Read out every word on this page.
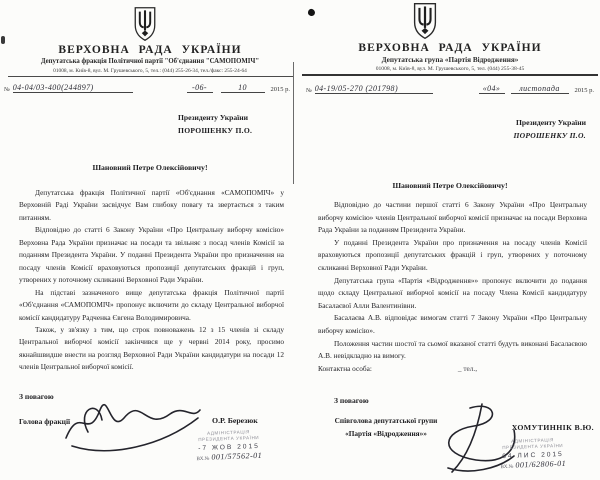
ВЕРХОВНА РАДА УКРАЇНИ
Депутатська фракція Політичної партії "Об'єднання "САМОПОМІЧ"
01008, м. Київ-8, вул. М. Грушевського, 5, тел.: (044) 255-26-34, тел./факс: 255-24-64
№ 04-04/03-400(244897)	-06-	10	2015 р.
Президенту України
ПОРОШЕНКУ П.О.
Шановний Петре Олексійовичу!

Депутатська фракція Політичної партії «Об'єднання «САМОПОМІЧ» у Верховній Раді України засвідчує Вам глибоку повагу та звертається з таким питанням.

Відповідно до статті 6 Закону України «Про Центральну виборчу комісію» Верховна Рада України призначає на посади та звільняє з посад членів Комісії за поданням Президента України. У поданні Президента України про призначення на посаду членів Комісії враховуються пропозиції депутатських фракцій і груп, утворених у поточному скликанні Верховної Ради України.

На підставі зазначеного вище депутатська фракція Політичної партії «Об'єднання «САМОПОМІЧ» пропонує включити до складу Центральної виборчої комісії кандидатуру Радченка Євгена Володимировича.

Також, у зв'язку з тим, що строк повноважень 12 з 15 членів зі складу Центральної виборчої комісії закінчився ще у червні 2014 року, просимо якнайшвидше внести на розгляд Верховної Ради України кандидатури на посади 12 членів Центральної виборчої комісії.

З повагою
Голова фракції	О.Р. Березюк
АДМІНІСТРАЦІЯ
ПРЕЗИДЕНТА УКРАЇНИ
-7 ЖОВ 2015
ВХ.№ 001/57562-01
ВЕРХОВНА РАДА УКРАЇНИ
Депутатська група «Партія Відродження»
01008, м. Київ-8, вул. М. Грушевського, 5, тел. (044) 255-38-45
№ 04-19/05-270 (201798)	«04»	листопада	2015 р.
Президенту України
ПОРОШЕНКУ П.О.
Шановний Петре Олексійовичу!

Відповідно до частини першої статті 6 Закону України «Про Центральну виборчу комісію» членів Центральної виборчої комісії призначає на посади Верховна Рада України за поданням Президента України.

У поданні Президента України про призначення на посаду членів Комісії враховуються пропозиції депутатських фракцій і груп, утворених у поточному скликанні Верховної Ради України.

Депутатська група «Партія «Відродження»» пропонує включити до подання щодо складу Центральної виборчої комісії на посаду Члена Комісії кандидатуру Басалаєвої Алли Валентинівни.

Басалаєва А.В. відповідає вимогам статті 7 Закону України «Про Центральну виборчу комісію».

Положення частин шостої та сьомої вказаної статті будуть виконані Басалаєвою А.В. невідкладно на вимогу.

Контактна особа:	_ тел.,

З повагою
Співголова депутатської групи
«Партія «Відродження»»
ХОМУТИННІК В.Ю.
АДМІНІСТРАЦІЯ
ПРЕЗИДЕНТА УКРАЇНИ
04 ЛИС 2015
ВХ.№ 001/62806-01
